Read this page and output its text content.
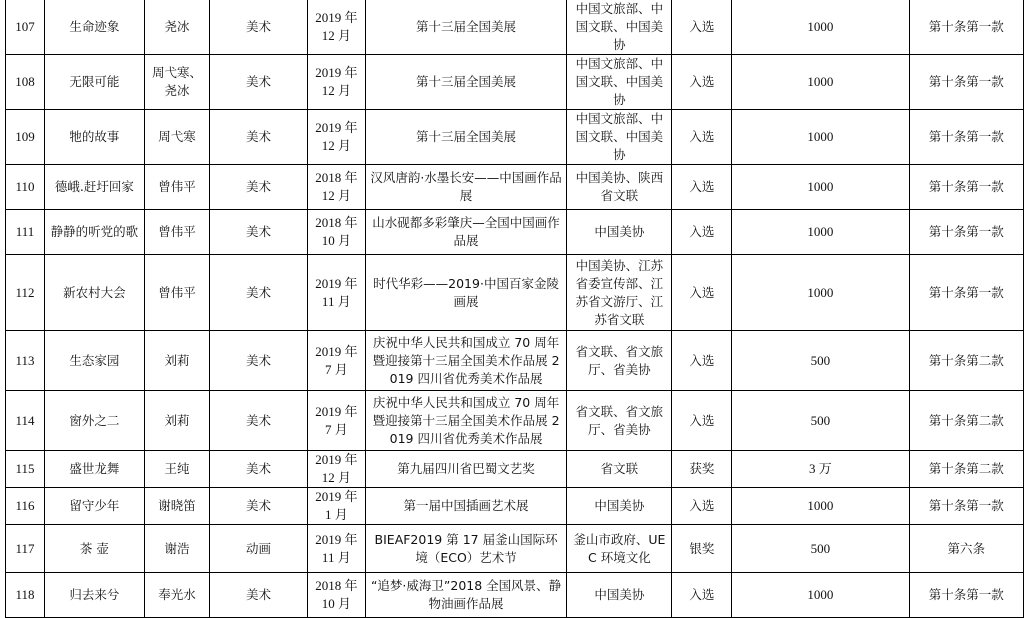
107	生命迹象	尧冰	美术	2019 年 12 月	第十三届全国美展	中国文旅部、中国文联、中国美协	入选	1000	第十条第一款
108	无限可能	周弋寒、尧冰	美术	2019 年 12 月	第十三届全国美展	中国文旅部、中国文联、中国美协	入选	1000	第十条第一款
109	牠的故事	周弋寒	美术	2019 年 12 月	第十三届全国美展	中国文旅部、中国文联、中国美协	入选	1000	第十条第一款
110	德峨.赶圩回家	曾伟平	美术	2018 年 12 月	汉风唐韵·水墨长安——中国画作品展	中国美协、陕西省文联	入选	1000	第十条第一款
111	静静的听党的歌	曾伟平	美术	2018 年 10 月	山水砚都多彩肇庆—全国中国画作品展	中国美协	入选	1000	第十条第一款
112	新农村大会	曾伟平	美术	2019 年 11 月	时代华彩——2019·中国百家金陵画展	中国美协、江苏省委宣传部、江苏省文游厅、江苏省文联	入选	1000	第十条第一款
113	生态家园	刘莉	美术	2019 年 7 月	庆祝中华人民共和国成立 70 周年暨迎接第十三届全国美术作品展 2019 四川省优秀美术作品展	省文联、省文旅厅、省美协	入选	500	第十条第二款
114	窗外之二	刘莉	美术	2019 年 7 月	庆祝中华人民共和国成立 70 周年暨迎接第十三届全国美术作品展 2019 四川省优秀美术作品展	省文联、省文旅厅、省美协	入选	500	第十条第二款
115	盛世龙舞	王纯	美术	2019 年 12 月	第九届四川省巴蜀文艺奖	省文联	获奖	3 万	第十条第二款
116	留守少年	谢晓笛	美术	2019 年 1 月	第一届中国插画艺术展	中国美协	入选	1000	第十条第一款
117	茶 壶	谢浩	动画	2019 年 11 月	BIEAF2019 第 17 届釜山国际环境（ECO）艺术节	釜山市政府、UEC 环境文化	银奖	500	第六条
118	归去来兮	奉光水	美术	2018 年 10 月	“追梦·威海卫”2018 全国风景、静物油画作品展	中国美协	入选	1000	第十条第一款
